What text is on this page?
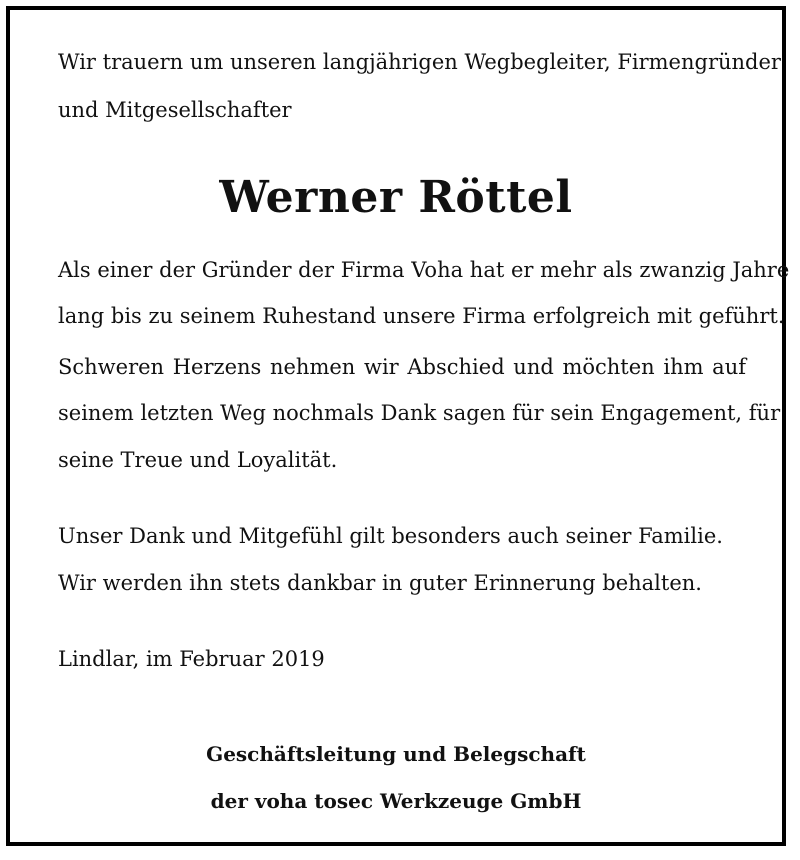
Wir trauern um unseren langjährigen Wegbegleiter, Firmengründer

und Mitgesellschafter

Werner Röttel

Als einer der Gründer der Firma Voha hat er mehr als zwanzig Jahre

lang bis zu seinem Ruhestand unsere Firma erfolgreich mit geführt.

Schweren Herzens nehmen wir Abschied und möchten ihm auf

seinem letzten Weg nochmals Dank sagen für sein Engagement, für

seine Treue und Loyalität.

Unser Dank und Mitgefühl gilt besonders auch seiner Familie.

Wir werden ihn stets dankbar in guter Erinnerung behalten.

Lindlar, im Februar 2019

Geschäftsleitung und Belegschaft

der voha tosec Werkzeuge GmbH
